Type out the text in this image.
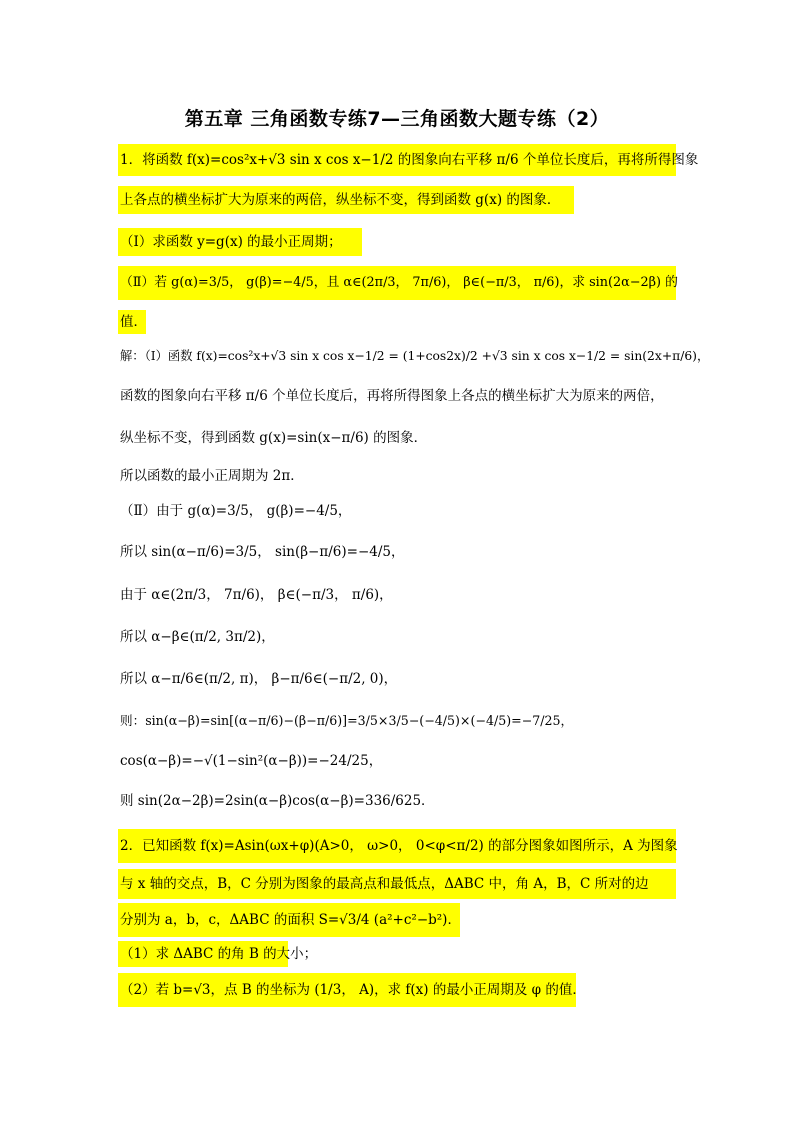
第五章 三角函数专练7—三角函数大题专练（2）
1．将函数 f(x)=cos²x+√3 sin x cos x−1/2 的图象向右平移 π/6 个单位长度后，再将所得图象
上各点的横坐标扩大为原来的两倍，纵坐标不变，得到函数 g(x) 的图象．
（Ⅰ）求函数 y=g(x) 的最小正周期；
（Ⅱ）若 g(α)=3/5， g(β)=−4/5，且 α∈(2π/3， 7π/6)， β∈(−π/3， π/6)，求 sin(2α−2β) 的
值．
解：（Ⅰ）函数 f(x)=cos²x+√3 sin x cos x−1/2 = (1+cos2x)/2 +√3 sin x cos x−1/2 = sin(2x+π/6)，
函数的图象向右平移 π/6 个单位长度后，再将所得图象上各点的横坐标扩大为原来的两倍，
纵坐标不变，得到函数 g(x)=sin(x−π/6) 的图象．
所以函数的最小正周期为 2π．
（Ⅱ）由于 g(α)=3/5， g(β)=−4/5，
所以 sin(α−π/6)=3/5， sin(β−π/6)=−4/5，
由于 α∈(2π/3， 7π/6)， β∈(−π/3， π/6)，
所以 α−β∈(π/2, 3π/2)，
所以 α−π/6∈(π/2, π)， β−π/6∈(−π/2, 0)，
则：sin(α−β)=sin[(α−π/6)−(β−π/6)]=3/5×3/5−(−4/5)×(−4/5)=−7/25，
cos(α−β)=−√(1−sin²(α−β))=−24/25，
则 sin(2α−2β)=2sin(α−β)cos(α−β)=336/625．
2．已知函数 f(x)=Asin(ωx+φ)(A>0， ω>0， 0<φ<π/2) 的部分图象如图所示，A 为图象
与 x 轴的交点，B，C 分别为图象的最高点和最低点，ΔABC 中，角 A，B，C 所对的边
分别为 a，b，c，ΔABC 的面积 S=√3/4 (a²+c²−b²)．
（1）求 ΔABC 的角 B 的大小；
（2）若 b=√3，点 B 的坐标为 (1/3， A)，求 f(x) 的最小正周期及 φ 的值．
